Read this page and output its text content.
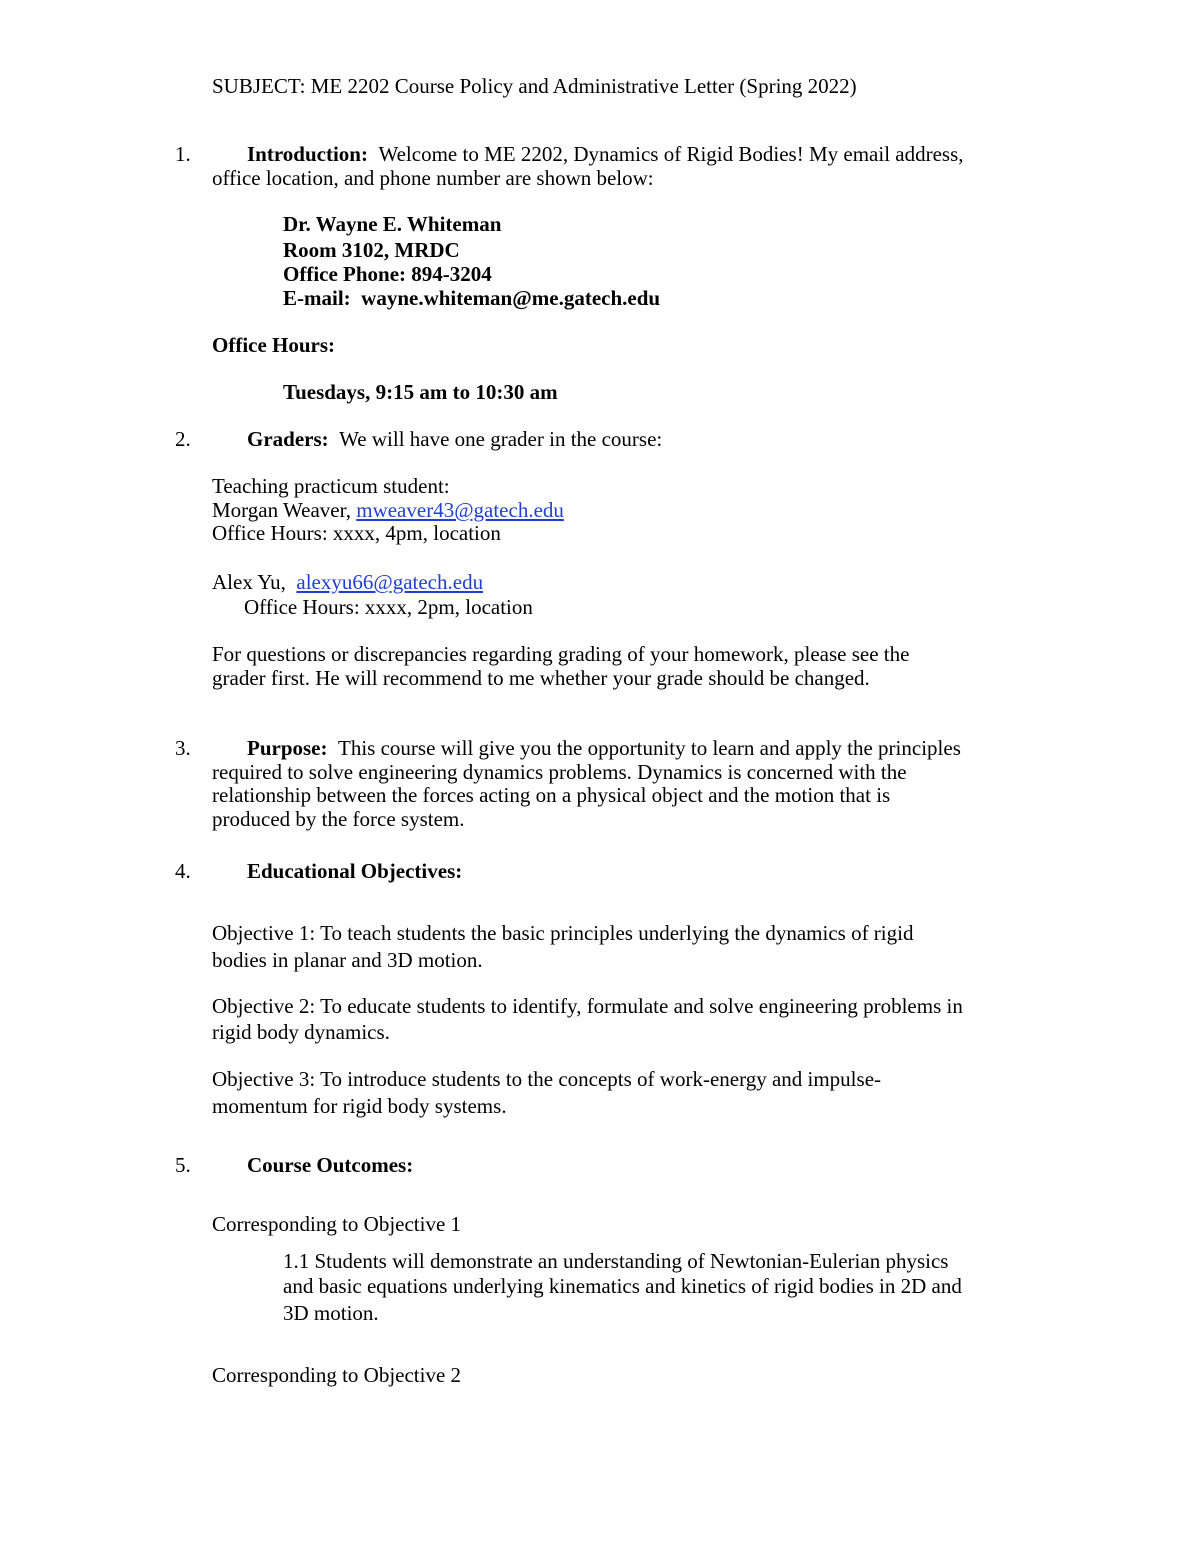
SUBJECT: ME 2202 Course Policy and Administrative Letter (Spring 2022)
1.	Introduction: Welcome to ME 2202, Dynamics of Rigid Bodies! My email address,
office location, and phone number are shown below:
Dr. Wayne E. Whiteman
Room 3102, MRDC
Office Phone: 894-3204
E-mail: wayne.whiteman@me.gatech.edu
Office Hours:
Tuesdays, 9:15 am to 10:30 am
2.	Graders: We will have one grader in the course:
Teaching practicum student:
Morgan Weaver, mweaver43@gatech.edu
Office Hours: xxxx, 4pm, location
Alex Yu, alexyu66@gatech.edu
Office Hours: xxxx, 2pm, location
For questions or discrepancies regarding grading of your homework, please see the
grader first. He will recommend to me whether your grade should be changed.
3.	Purpose: This course will give you the opportunity to learn and apply the principles
required to solve engineering dynamics problems. Dynamics is concerned with the
relationship between the forces acting on a physical object and the motion that is
produced by the force system.
4.	Educational Objectives:
Objective 1: To teach students the basic principles underlying the dynamics of rigid
bodies in planar and 3D motion.
Objective 2: To educate students to identify, formulate and solve engineering problems in
rigid body dynamics.
Objective 3: To introduce students to the concepts of work-energy and impulse-
momentum for rigid body systems.
5.	Course Outcomes:
Corresponding to Objective 1
1.1 Students will demonstrate an understanding of Newtonian-Eulerian physics
and basic equations underlying kinematics and kinetics of rigid bodies in 2D and
3D motion.
Corresponding to Objective 2
